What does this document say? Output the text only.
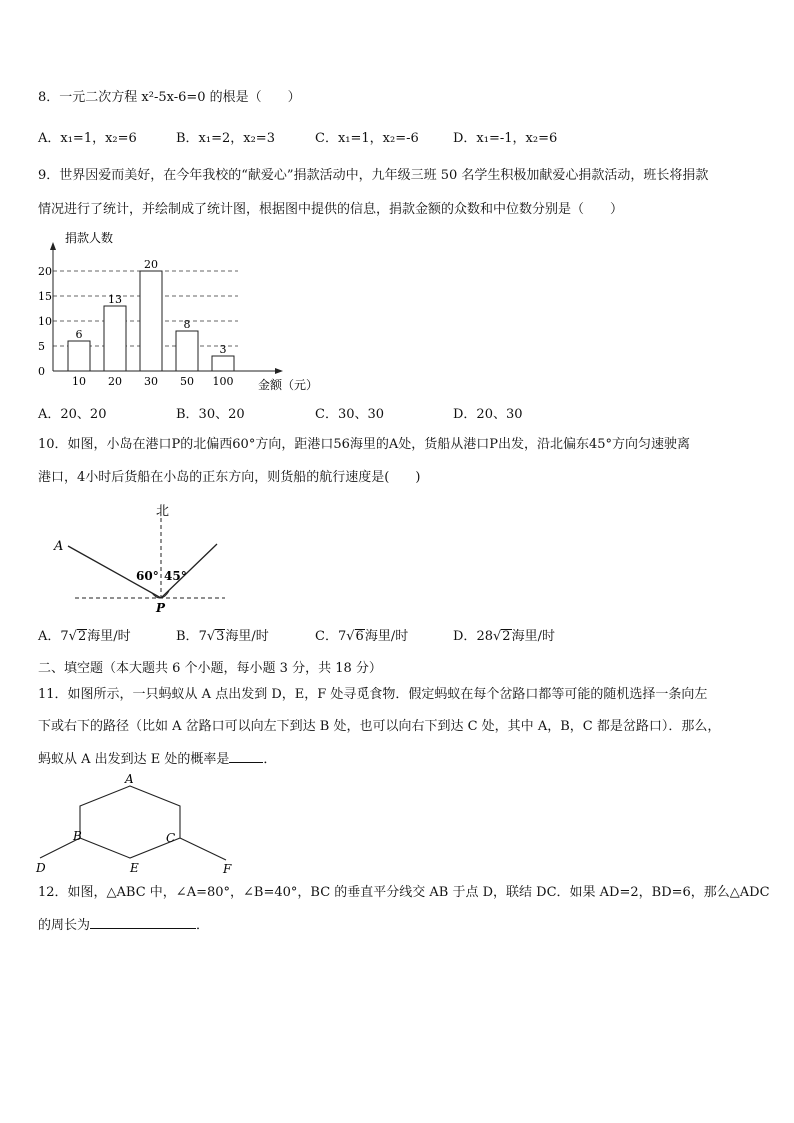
8．一元二次方程 x²-5x-6=0 的根是（　　）
A．x₁=1，x₂=6	B．x₁=2，x₂=3	C．x₁=1，x₂=-6	D．x₁=-1，x₂=6
9．世界因爱而美好，在今年我校的“献爱心”捐款活动中，九年级三班 50 名学生积极加献爱心捐款活动，班长将捐款
情况进行了统计，并绘制成了统计图，根据图中提供的信息，捐款金额的众数和中位数分别是（　　）
0
5
10
15
20
6
10
13
20
20
30
8
50
3
100
捐款人数
金额（元）
A．20、20	B．30、20	C．30、30	D．20、30
10．如图，小岛在港口P的北偏西60°方向，距港口56海里的A处，货船从港口P出发，沿北偏东45°方向匀速驶离
港口，4小时后货船在小岛的正东方向，则货船的航行速度是(　　)
北
A
P
60° 45°
A．7√2海里/时	B．7√3海里/时	C．7√6海里/时	D．28√2海里/时
二、填空题（本大题共 6 个小题，每小题 3 分，共 18 分）
11．如图所示，一只蚂蚁从 A 点出发到 D，E，F 处寻觅食物．假定蚂蚁在每个岔路口都等可能的随机选择一条向左
下或右下的路径（比如 A 岔路口可以向左下到达 B 处，也可以向右下到达 C 处，其中 A，B，C 都是岔路口）．那么，
蚂蚁从 A 出发到达 E 处的概率是	．
A
B	C
D	E	F
12．如图，△ABC 中，∠A=80°，∠B=40°，BC 的垂直平分线交 AB 于点 D，联结 DC．如果 AD=2，BD=6，那么△ADC
的周长为	．
